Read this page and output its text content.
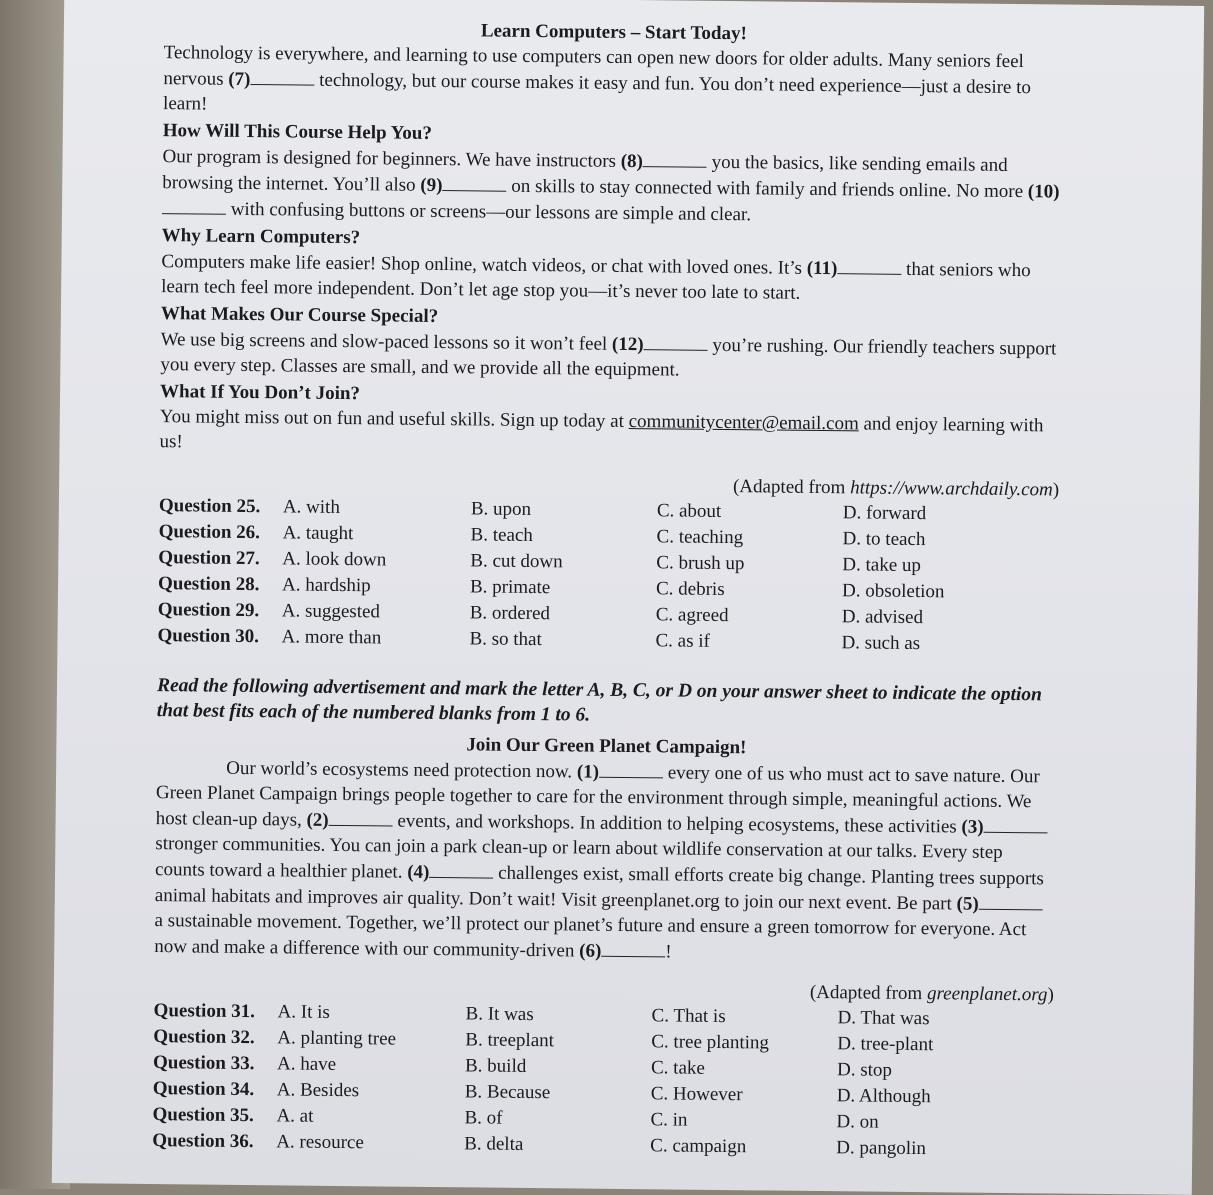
Learn Computers – Start Today!

Technology is everywhere, and learning to use computers can open new doors for older adults. Many seniors feel nervous (7)	technology, but our course makes it easy and fun. You don’t need experience—just a desire to learn!

How Will This Course Help You?

Our program is designed for beginners. We have instructors (8)	you the basics, like sending emails and browsing the internet. You’ll also (9)	on skills to stay connected with family and friends online. No more (10) with confusing buttons or screens—our lessons are simple and clear.

Why Learn Computers?

Computers make life easier! Shop online, watch videos, or chat with loved ones. It’s (11)	that seniors who learn tech feel more independent. Don’t let age stop you—it’s never too late to start.

What Makes Our Course Special?

We use big screens and slow-paced lessons so it won’t feel (12)	you’re rushing. Our friendly teachers support you every step. Classes are small, and we provide all the equipment.

What If You Don’t Join?

You might miss out on fun and useful skills. Sign up today at communitycenter@email.com and enjoy learning with us!

(Adapted from https://www.archdaily.com)
Question 25.	A. with	B. upon	C. about	D. forward
Question 26.	A. taught	B. teach	C. teaching	D. to teach
Question 27.	A. look down	B. cut down	C. brush up	D. take up
Question 28.	A. hardship	B. primate	C. debris	D. obsoletion
Question 29.	A. suggested	B. ordered	C. agreed	D. advised
Question 30.	A. more than	B. so that	C. as if	D. such as
Read the following advertisement and mark the letter A, B, C, or D on your answer sheet to indicate the option that best fits each of the numbered blanks from 1 to 6.
Join Our Green Planet Campaign!

Our world’s ecosystems need protection now. (1)	every one of us who must act to save nature. Our Green Planet Campaign brings people together to care for the environment through simple, meaningful actions. We host clean-up days, (2)	events, and workshops. In addition to helping ecosystems, these activities (3) stronger communities. You can join a park clean-up or learn about wildlife conservation at our talks. Every step counts toward a healthier planet. (4)	challenges exist, small efforts create big change. Planting trees supports animal habitats and improves air quality. Don’t wait! Visit greenplanet.org to join our next event. Be part (5) a sustainable movement. Together, we’ll protect our planet’s future and ensure a green tomorrow for everyone. Act now and make a difference with our community-driven (6)	!

(Adapted from greenplanet.org)
Question 31.	A. It is	B. It was	C. That is	D. That was
Question 32.	A. planting tree	B. treeplant	C. tree planting	D. tree-plant
Question 33.	A. have	B. build	C. take	D. stop
Question 34.	A. Besides	B. Because	C. However	D. Although
Question 35.	A. at	B. of	C. in	D. on
Question 36.	A. resource	B. delta	C. campaign	D. pangolin
